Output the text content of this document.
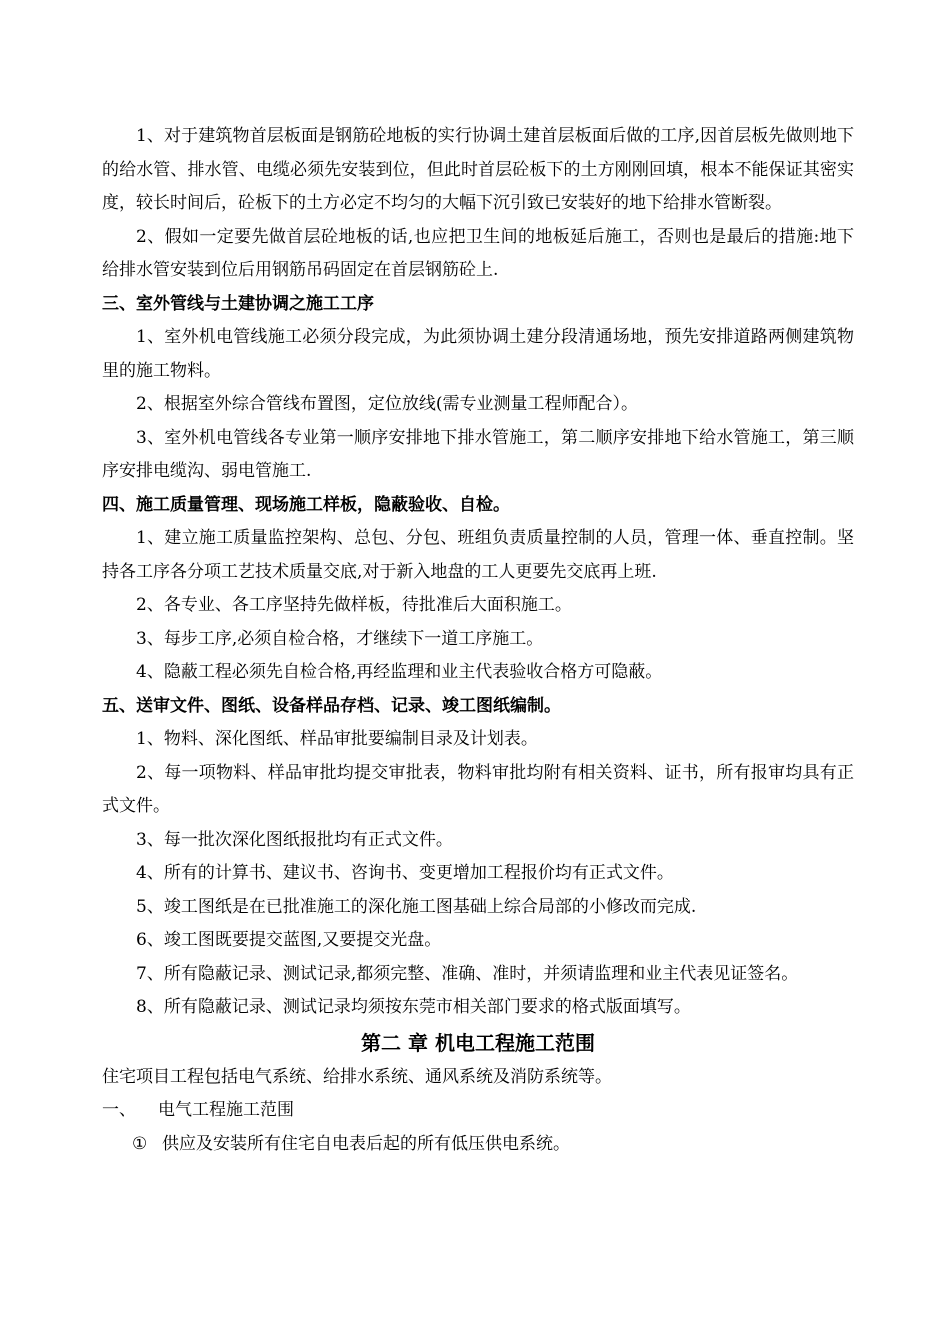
1、对于建筑物首层板面是钢筋砼地板的实行协调土建首层板面后做的工序,因首层板先做则地下的给水管、排水管、电缆必须先安装到位，但此时首层砼板下的土方刚刚回填，根本不能保证其密实度，较长时间后，砼板下的土方必定不均匀的大幅下沉引致已安装好的地下给排水管断裂。

2、假如一定要先做首层砼地板的话,也应把卫生间的地板延后施工，否则也是最后的措施:地下给排水管安装到位后用钢筋吊码固定在首层钢筋砼上.

三、室外管线与土建协调之施工工序

1、室外机电管线施工必须分段完成，为此须协调土建分段清通场地，预先安排道路两侧建筑物里的施工物料。

2、根据室外综合管线布置图，定位放线(需专业测量工程师配合）。

3、室外机电管线各专业第一顺序安排地下排水管施工，第二顺序安排地下给水管施工，第三顺序安排电缆沟、弱电管施工.

四、施工质量管理、现场施工样板，隐蔽验收、自检。

1、建立施工质量监控架构、总包、分包、班组负责质量控制的人员，管理一体、垂直控制。坚持各工序各分项工艺技术质量交底,对于新入地盘的工人更要先交底再上班.

2、各专业、各工序坚持先做样板，待批准后大面积施工。

3、每步工序,必须自检合格，才继续下一道工序施工。

4、隐蔽工程必须先自检合格,再经监理和业主代表验收合格方可隐蔽。

五、送审文件、图纸、设备样品存档、记录、竣工图纸编制。

1、物料、深化图纸、样品审批要编制目录及计划表。

2、每一项物料、样品审批均提交审批表，物料审批均附有相关资料、证书，所有报审均具有正式文件。

3、每一批次深化图纸报批均有正式文件。

4、所有的计算书、建议书、咨询书、变更增加工程报价均有正式文件。

5、竣工图纸是在已批准施工的深化施工图基础上综合局部的小修改而完成.

6、竣工图既要提交蓝图,又要提交光盘。

7、所有隐蔽记录、测试记录,都须完整、准确、准时，并须请监理和业主代表见证签名。

8、所有隐蔽记录、测试记录均须按东莞市相关部门要求的格式版面填写。

第二 章 机电工程施工范围

住宅项目工程包括电气系统、给排水系统、通风系统及消防系统等。

一、 电气工程施工范围

① 供应及安装所有住宅自电表后起的所有低压供电系统。
